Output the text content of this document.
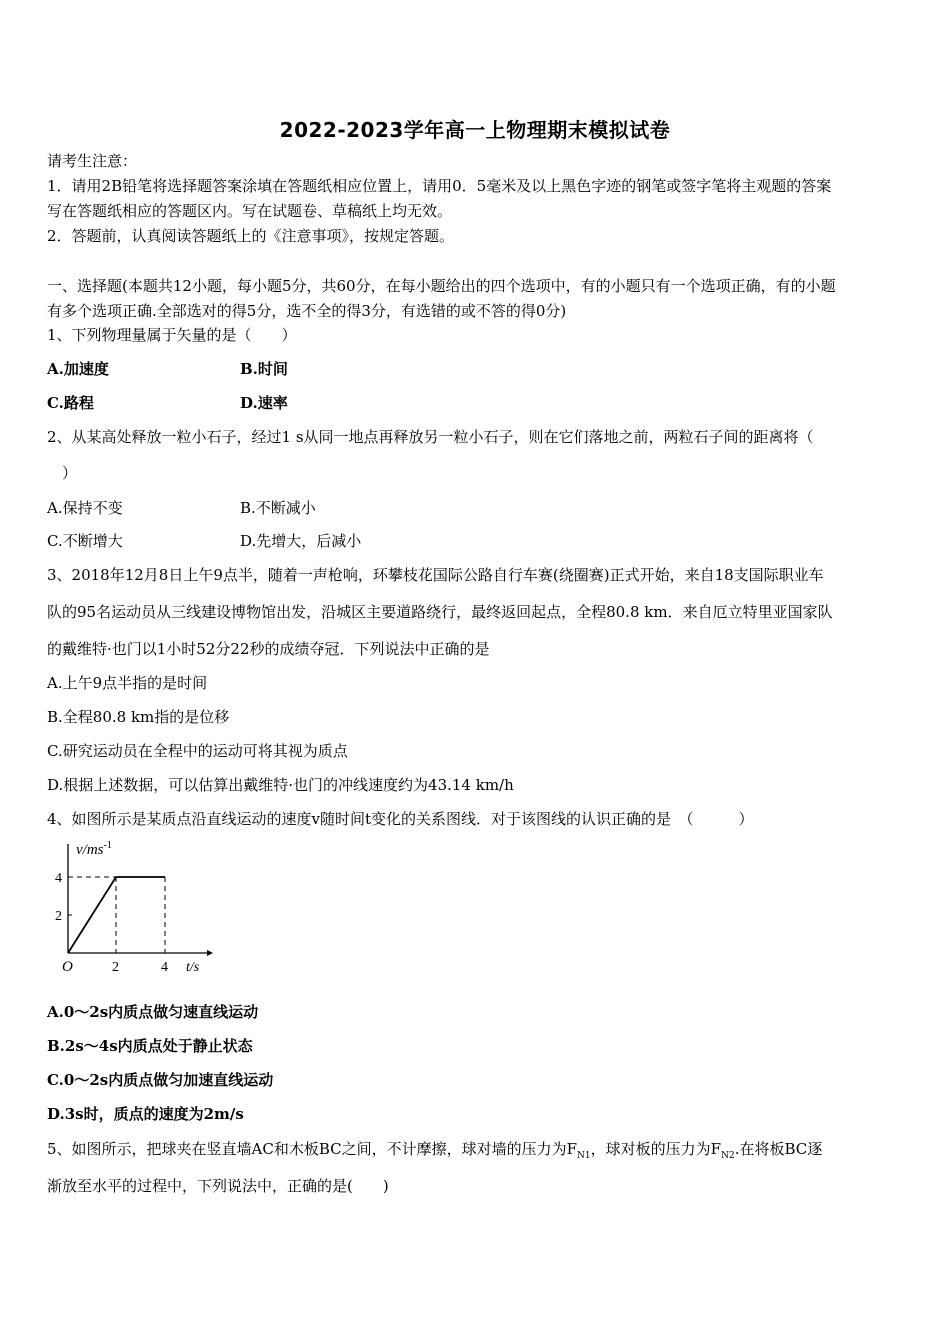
2022-2023学年高一上物理期末模拟试卷
请考生注意：
1．请用2B铅笔将选择题答案涂填在答题纸相应位置上，请用0．5毫米及以上黑色字迹的钢笔或签字笔将主观题的答案
写在答题纸相应的答题区内。写在试题卷、草稿纸上均无效。
2．答题前，认真阅读答题纸上的《注意事项》，按规定答题。
一、选择题(本题共12小题，每小题5分，共60分，在每小题给出的四个选项中，有的小题只有一个选项正确，有的小题
有多个选项正确.全部选对的得5分，选不全的得3分，有选错的或不答的得0分)
1、下列物理量属于矢量的是（　　）
A.加速度	B.时间
C.路程	D.速率
2、从某高处释放一粒小石子，经过1 s从同一地点再释放另一粒小石子，则在它们落地之前，两粒石子间的距离将（
）
A.保持不变	B.不断减小
C.不断增大	D.先增大，后减小
3、2018年12月8日上午9点半，随着一声枪响，环攀枝花国际公路自行车赛(绕圈赛)正式开始，来自18支国际职业车
队的95名运动员从三线建设博物馆出发，沿城区主要道路绕行，最终返回起点，全程80.8 km．来自厄立特里亚国家队
的戴维特·也门以1小时52分22秒的成绩夺冠．下列说法中正确的是
A.上午9点半指的是时间
B.全程80.8 km指的是位移
C.研究运动员在全程中的运动可将其视为质点
D.根据上述数据，可以估算出戴维特·也门的冲线速度约为43.14 km/h
4、如图所示是某质点沿直线运动的速度v随时间t变化的关系图线．对于该图线的认识正确的是　（　　　）
$v/ms^{-1}$
4
2
O	2	4 t/s
A.0～2s内质点做匀速直线运动
B.2s～4s内质点处于静止状态
C.0～2s内质点做匀加速直线运动
D.3s时，质点的速度为2m/s
5、如图所示，把球夹在竖直墙AC和木板BC之间，不计摩擦，球对墙的压力为$F_{N1}$，球对板的压力为$F_{N2}$.在将板BC逐
渐放至水平的过程中，下列说法中，正确的是(　　)
